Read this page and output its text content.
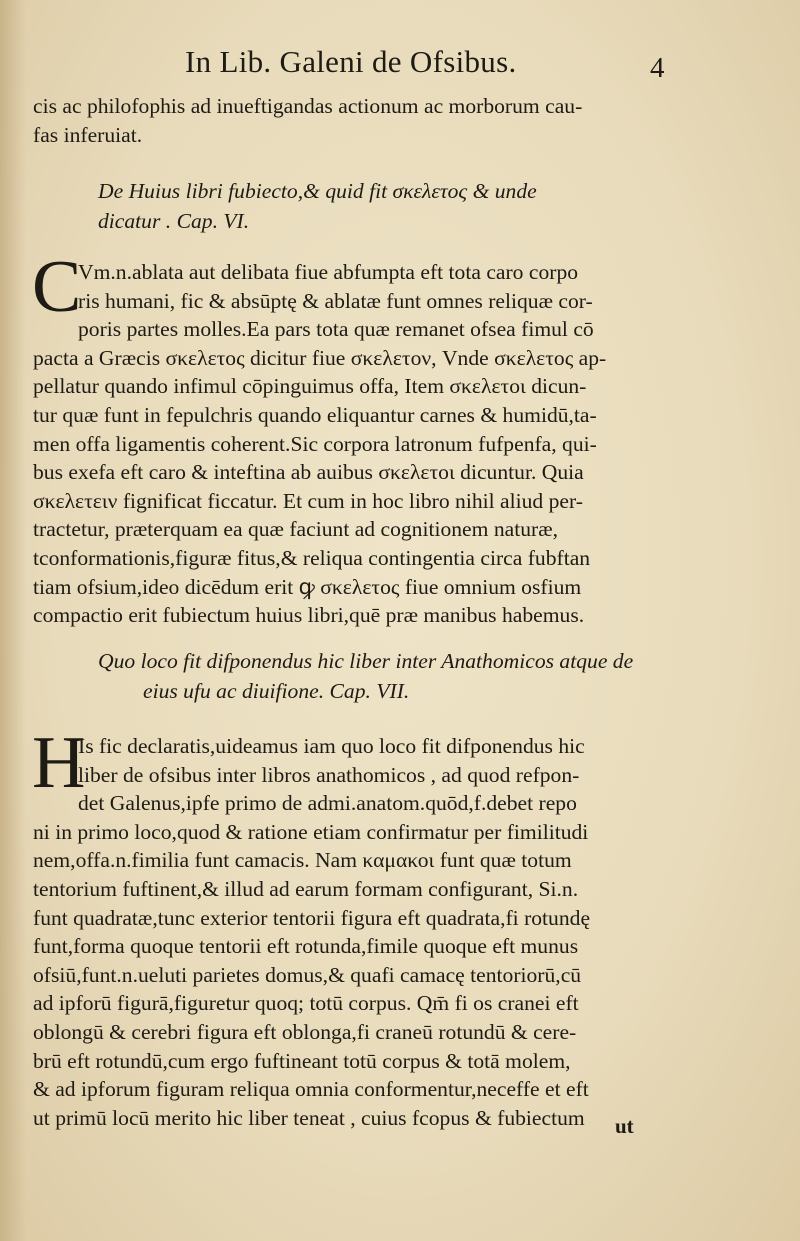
In Lib. Galeni de Ofsibus.	4
cis ac philofophis ad inueftigandas actionum ac morborum cau-
fas inferuiat.
De Huius libri fubiecto,& quid fit σκελετος & unde
dicatur . Cap. VI.
C
Vm.n.ablata aut delibata fiue abfumpta eft tota caro corpo
ris humani, fic & absūptę & ablatæ funt omnes reliquæ cor-
poris partes molles.Ea pars tota quæ remanet ofsea fimul cō
pacta a Græcis σκελετος dicitur fiue σκελετον, Vnde σκελετος ap-
pellatur quando infimul cōpinguimus offa, Item σκελετοι dicun-
tur quæ funt in fepulchris quando eliquantur carnes & humidū,ta-
men offa ligamentis coherent.Sic corpora latronum fufpenfa, qui-
bus exefa eft caro & inteftina ab auibus σκελετοι dicuntur. Quia
σκελετειν fignificat ficcatur. Et cum in hoc libro nihil aliud per-
tractetur, præterquam ea quæ faciunt ad cognitionem naturæ,
tconformationis,figuræ fitus,& reliqua contingentia circa fubftan
tiam ofsium,ideo dicēdum erit ꝙ σκελετος fiue omnium osfium
compactio erit fubiectum huius libri,quē præ manibus habemus.
Quo loco fit difponendus hic liber inter Anathomicos atque de
eius ufu ac diuifione. Cap. VII.
H
Is fic declaratis,uideamus iam quo loco fit difponendus hic
liber de ofsibus inter libros anathomicos , ad quod refpon-
det Galenus,ipfe primo de admi.anatom.quōd,f.debet repo
ni in primo loco,quod & ratione etiam confirmatur per fimilitudi
nem,offa.n.fimilia funt camacis. Nam καμακοι funt quæ totum
tentorium fuftinent,& illud ad earum formam configurant, Si.n.
funt quadratæ,tunc exterior tentorii figura eft quadrata,fi rotundę
funt,forma quoque tentorii eft rotunda,fimile quoque eft munus
ofsiū,funt.n.ueluti parietes domus,& quafi camacę tentoriorū,cū
ad ipforū figurā,figuretur quoq; totū corpus. Qm̄ fi os cranei eft
oblongū & cerebri figura eft oblonga,fi craneū rotundū & cere-
brū eft rotundū,cum ergo fuftineant totū corpus & totā molem,
& ad ipforum figuram reliqua omnia conformentur,neceffe et eft
ut primū locū merito hic liber teneat , cuius fcopus & fubiectum	ut
